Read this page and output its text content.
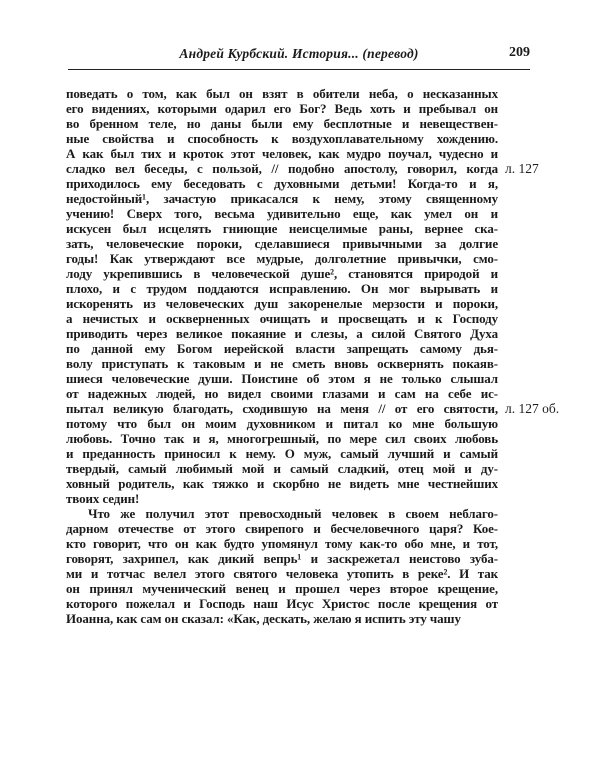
Андрей Курбский. История... (перевод)	209
поведать о том, как был он взят в обители неба, о несказанных
его видениях, которыми одарил его Бог? Ведь хоть и пребывал он
во бренном теле, но даны были ему бесплотные и невеществен-
ные свойства и способность к воздухоплавательному хождению.
А как был тих и кроток этот человек, как мудро поучал, чудесно и
сладко вел беседы, с пользой, // подобно апостолу, говорил, когда
приходилось ему беседовать с духовными детьми! Когда-то и я,
недостойный¹, зачастую прикасался к нему, этому священному
учению! Сверх того, весьма удивительно еще, как умел он и
искусен был исцелять гниющие неисцелимые раны, вернее ска-
зать, человеческие пороки, сделавшиеся привычными за долгие
годы! Как утверждают все мудрые, долголетние привычки, смо-
лоду укрепившись в человеческой душе², становятся природой и
плохо, и с трудом поддаются исправлению. Он мог вырывать и
искоренять из человеческих душ закоренелые мерзости и пороки,
а нечистых и оскверненных очищать и просвещать и к Господу
приводить через великое покаяние и слезы, а силой Святого Духа
по данной ему Богом иерейской власти запрещать самому дья-
волу приступать к таковым и не сметь вновь осквернять покаяв-
шиеся человеческие души. Поистине об этом я не только слышал
от надежных людей, но видел своими глазами и сам на себе ис-
пытал великую благодать, сходившую на меня // от его святости,
потому что был он моим духовником и питал ко мне большую
любовь. Точно так и я, многогрешный, по мере сил своих любовь
и преданность приносил к нему. О муж, самый лучший и самый
твердый, самый любимый мой и самый сладкий, отец мой и ду-
ховный родитель, как тяжко и скорбно не видеть мне честнейших
твоих седин!
Что же получил этот превосходный человек в своем неблаго-
дарном отечестве от этого свирепого и бесчеловечного царя? Кое-
кто говорит, что он как будто упомянул тому как-то обо мне, и тот,
говорят, захрипел, как дикий вепрь¹ и заскрежетал неистово зуба-
ми и тотчас велел этого святого человека утопить в реке². И так
он принял мученический венец и прошел через второе крещение,
которого пожелал и Господь наш Исус Христос после крещения от
Иоанна, как сам он сказал: «Как, дескать, желаю я испить эту чашу
л. 127
л. 127 об.
